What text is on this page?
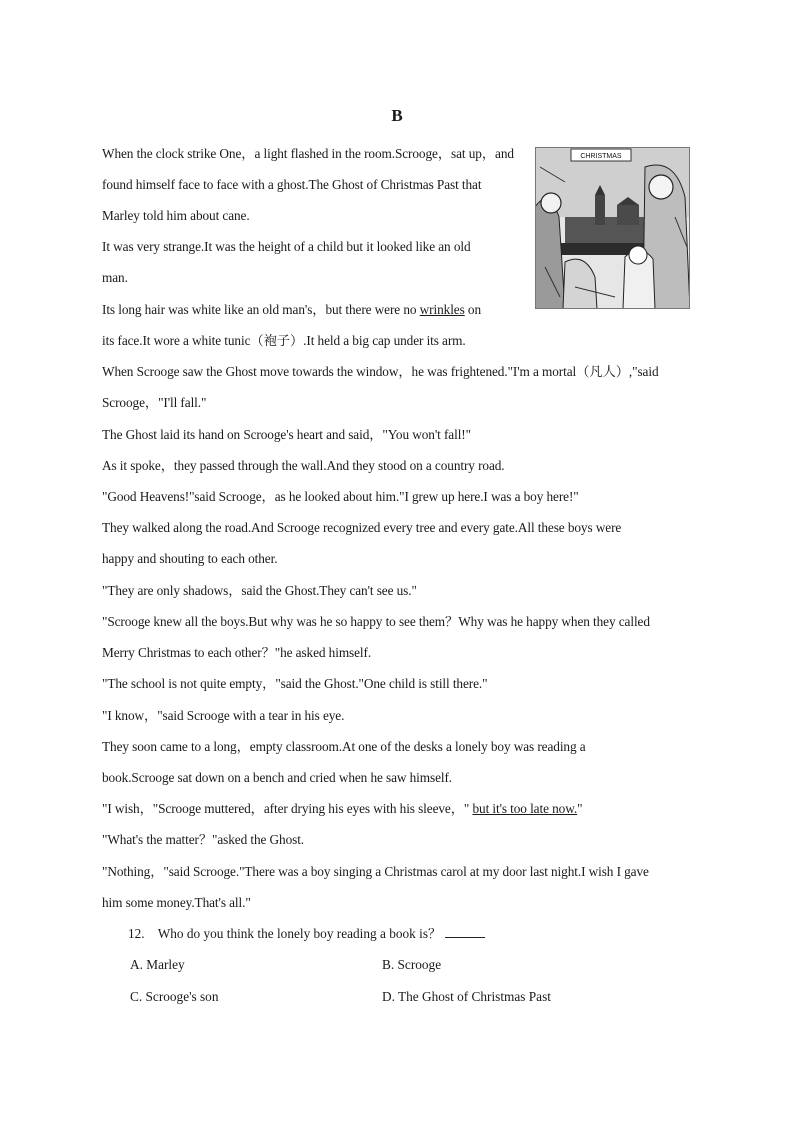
B
CHRISTMAS
When the clock strike One，a light flashed in the room.Scrooge，sat up，and
found himself face to face with a ghost.The Ghost of Christmas Past that
Marley told him about cane.
It was very strange.It was the height of a child but it looked like an old
man.
Its long hair was white like an old man's，but there were no wrinkles on
its face.It wore a white tunic（袍子）.It held a big cap under its arm.
When Scrooge saw the Ghost move towards the window，he was frightened."I'm a mortal（凡人）,"said
Scrooge，"I'll fall."
The Ghost laid its hand on Scrooge's heart and said，"You won't fall!"
As it spoke，they passed through the wall.And they stood on a country road.
"Good Heavens!"said Scrooge，as he looked about him."I grew up here.I was a boy here!"
They walked along the road.And Scrooge recognized every tree and every gate.All these boys were
happy and shouting to each other.
"They are only shadows，said the Ghost.They can't see us."
"Scrooge knew all the boys.But why was he so happy to see them？Why was he happy when they called
Merry Christmas to each other？"he asked himself.
"The school is not quite empty，"said the Ghost."One child is still there."
"I know，"said Scrooge with a tear in his eye.
They soon came to a long，empty classroom.At one of the desks a lonely boy was reading a
book.Scrooge sat down on a bench and cried when he saw himself.
"I wish，"Scrooge muttered，after drying his eyes with his sleeve，" but it's too late now."
"What's the matter？"asked the Ghost.
"Nothing，"said Scrooge."There was a boy singing a Christmas carol at my door last night.I wish I gave
him some money.That's all."
12. Who do you think the lonely boy reading a book is？
A. Marley	B. Scrooge
C. Scrooge's son	D. The Ghost of Christmas Past
